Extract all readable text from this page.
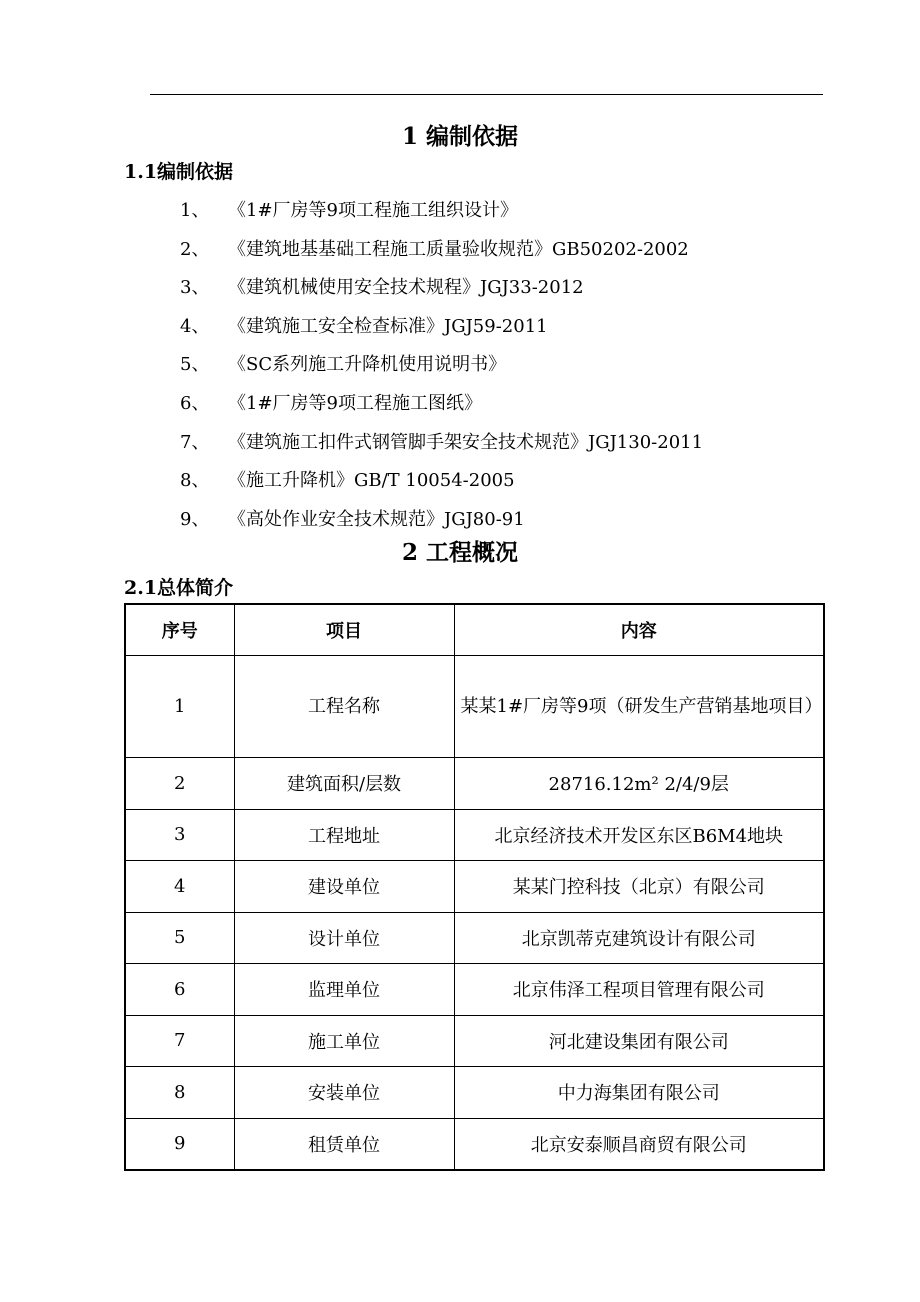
1 编制依据
1.1编制依据
1、 《1#厂房等9项工程施工组织设计》
2、 《建筑地基基础工程施工质量验收规范》GB50202-2002
3、 《建筑机械使用安全技术规程》JGJ33-2012
4、 《建筑施工安全检查标准》JGJ59-2011
5、 《SC系列施工升降机使用说明书》
6、 《1#厂房等9项工程施工图纸》
7、 《建筑施工扣件式钢管脚手架安全技术规范》JGJ130-2011
8、 《施工升降机》GB/T 10054-2005
9、 《高处作业安全技术规范》JGJ80-91
2 工程概况
2.1总体简介
序号	项目	内容
1	工程名称	某某1#厂房等9项（研发生产营销基地项目）
2	建筑面积/层数	28716.12m² 2/4/9层
3	工程地址	北京经济技术开发区东区B6M4地块
4	建设单位	某某门控科技（北京）有限公司
5	设计单位	北京凯蒂克建筑设计有限公司
6	监理单位	北京伟泽工程项目管理有限公司
7	施工单位	河北建设集团有限公司
8	安装单位	中力海集团有限公司
9	租赁单位	北京安泰顺昌商贸有限公司
